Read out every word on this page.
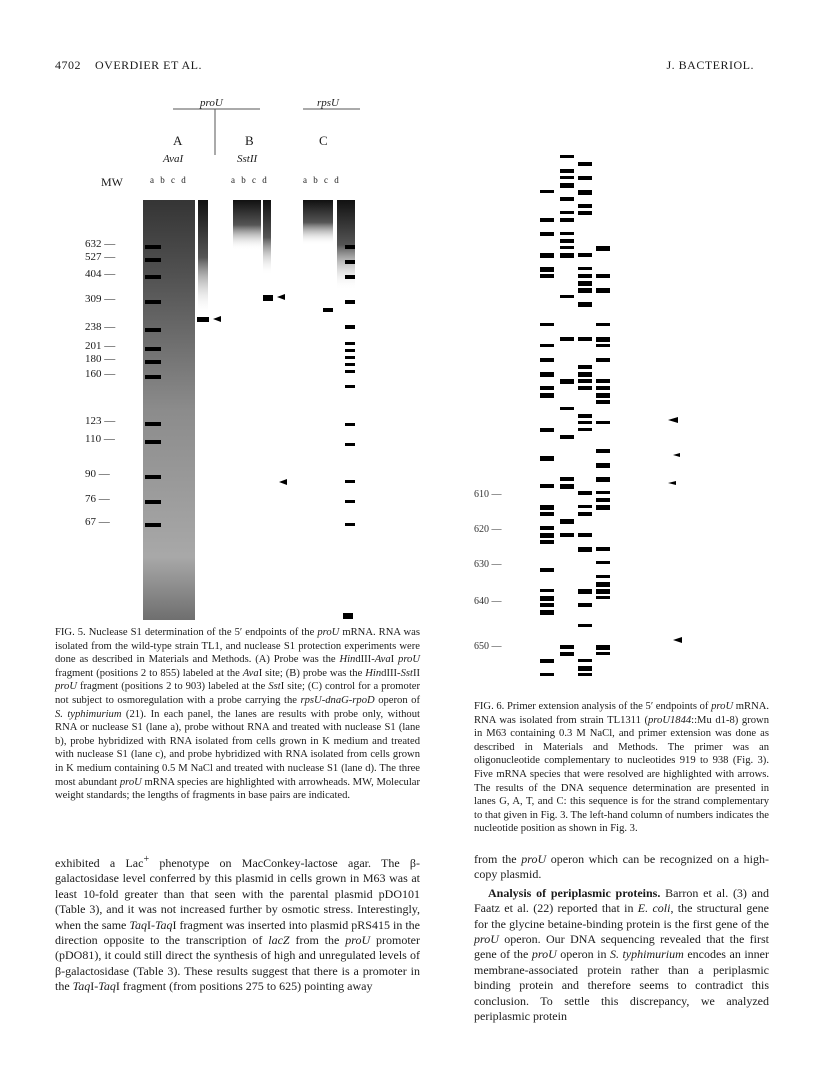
4702 OVERDIER ET AL.	J. BACTERIOL.
proU	rpsU
A	B	C
AvaI	SstII
a b c d	a b c d	a b c d
MW
632 —
527 —
404 —
309 —
238 —
201 —
180 —
160 —
123 —
110 —
90 —
76 —
67 —
610 —
620 —
630 —
640 —
650 —
FIG. 5. Nuclease S1 determination of the 5′ endpoints of the proU mRNA. RNA was isolated from the wild-type strain TL1, and nuclease S1 protection experiments were done as described in Materials and Methods. (A) Probe was the HindIII-AvaI proU fragment (positions 2 to 855) labeled at the AvaI site; (B) probe was the HindIII-SstII proU fragment (positions 2 to 903) labeled at the SstI site; (C) control for a promoter not subject to osmoregulation with a probe carrying the rpsU-dnaG-rpoD operon of S. typhimurium (21). In each panel, the lanes are results with probe only, without RNA or nuclease S1 (lane a), probe without RNA and treated with nuclease S1 (lane b), probe hybridized with RNA isolated from cells grown in K medium and treated with nuclease S1 (lane c), and probe hybridized with RNA isolated from cells grown in K medium containing 0.5 M NaCl and treated with nuclease S1 (lane d). The three most abundant proU mRNA species are highlighted with arrowheads. MW, Molecular weight standards; the lengths of fragments in base pairs are indicated.
FIG. 6. Primer extension analysis of the 5′ endpoints of proU mRNA. RNA was isolated from strain TL1311 (proU1844::Mu d1-8) grown in M63 containing 0.3 M NaCl, and primer extension was done as described in Materials and Methods. The primer was an oligonucleotide complementary to nucleotides 919 to 938 (Fig. 3). Five mRNA species that were resolved are highlighted with arrows. The results of the DNA sequence determination are presented in lanes G, A, T, and C: this sequence is for the strand complementary to that given in Fig. 3. The left-hand column of numbers indicates the nucleotide position as shown in Fig. 3.
exhibited a Lac+ phenotype on MacConkey-lactose agar. The β-galactosidase level conferred by this plasmid in cells grown in M63 was at least 10-fold greater than that seen with the parental plasmid pDO101 (Table 3), and it was not increased further by osmotic stress. Interestingly, when the same TaqI-TaqI fragment was inserted into plasmid pRS415 in the direction opposite to the transcription of lacZ from the proU promoter (pDO81), it could still direct the synthesis of high and unregulated levels of β-galactosidase (Table 3). These results suggest that there is a promoter in the TaqI-TaqI fragment (from positions 275 to 625) pointing away
from the proU operon which can be recognized on a high-copy plasmid.
Analysis of periplasmic proteins. Barron et al. (3) and Faatz et al. (22) reported that in E. coli, the structural gene for the glycine betaine-binding protein is the first gene of the proU operon. Our DNA sequencing revealed that the first gene of the proU operon in S. typhimurium encodes an inner membrane-associated protein rather than a periplasmic binding protein and therefore seems to contradict this conclusion. To settle this discrepancy, we analyzed periplasmic protein
